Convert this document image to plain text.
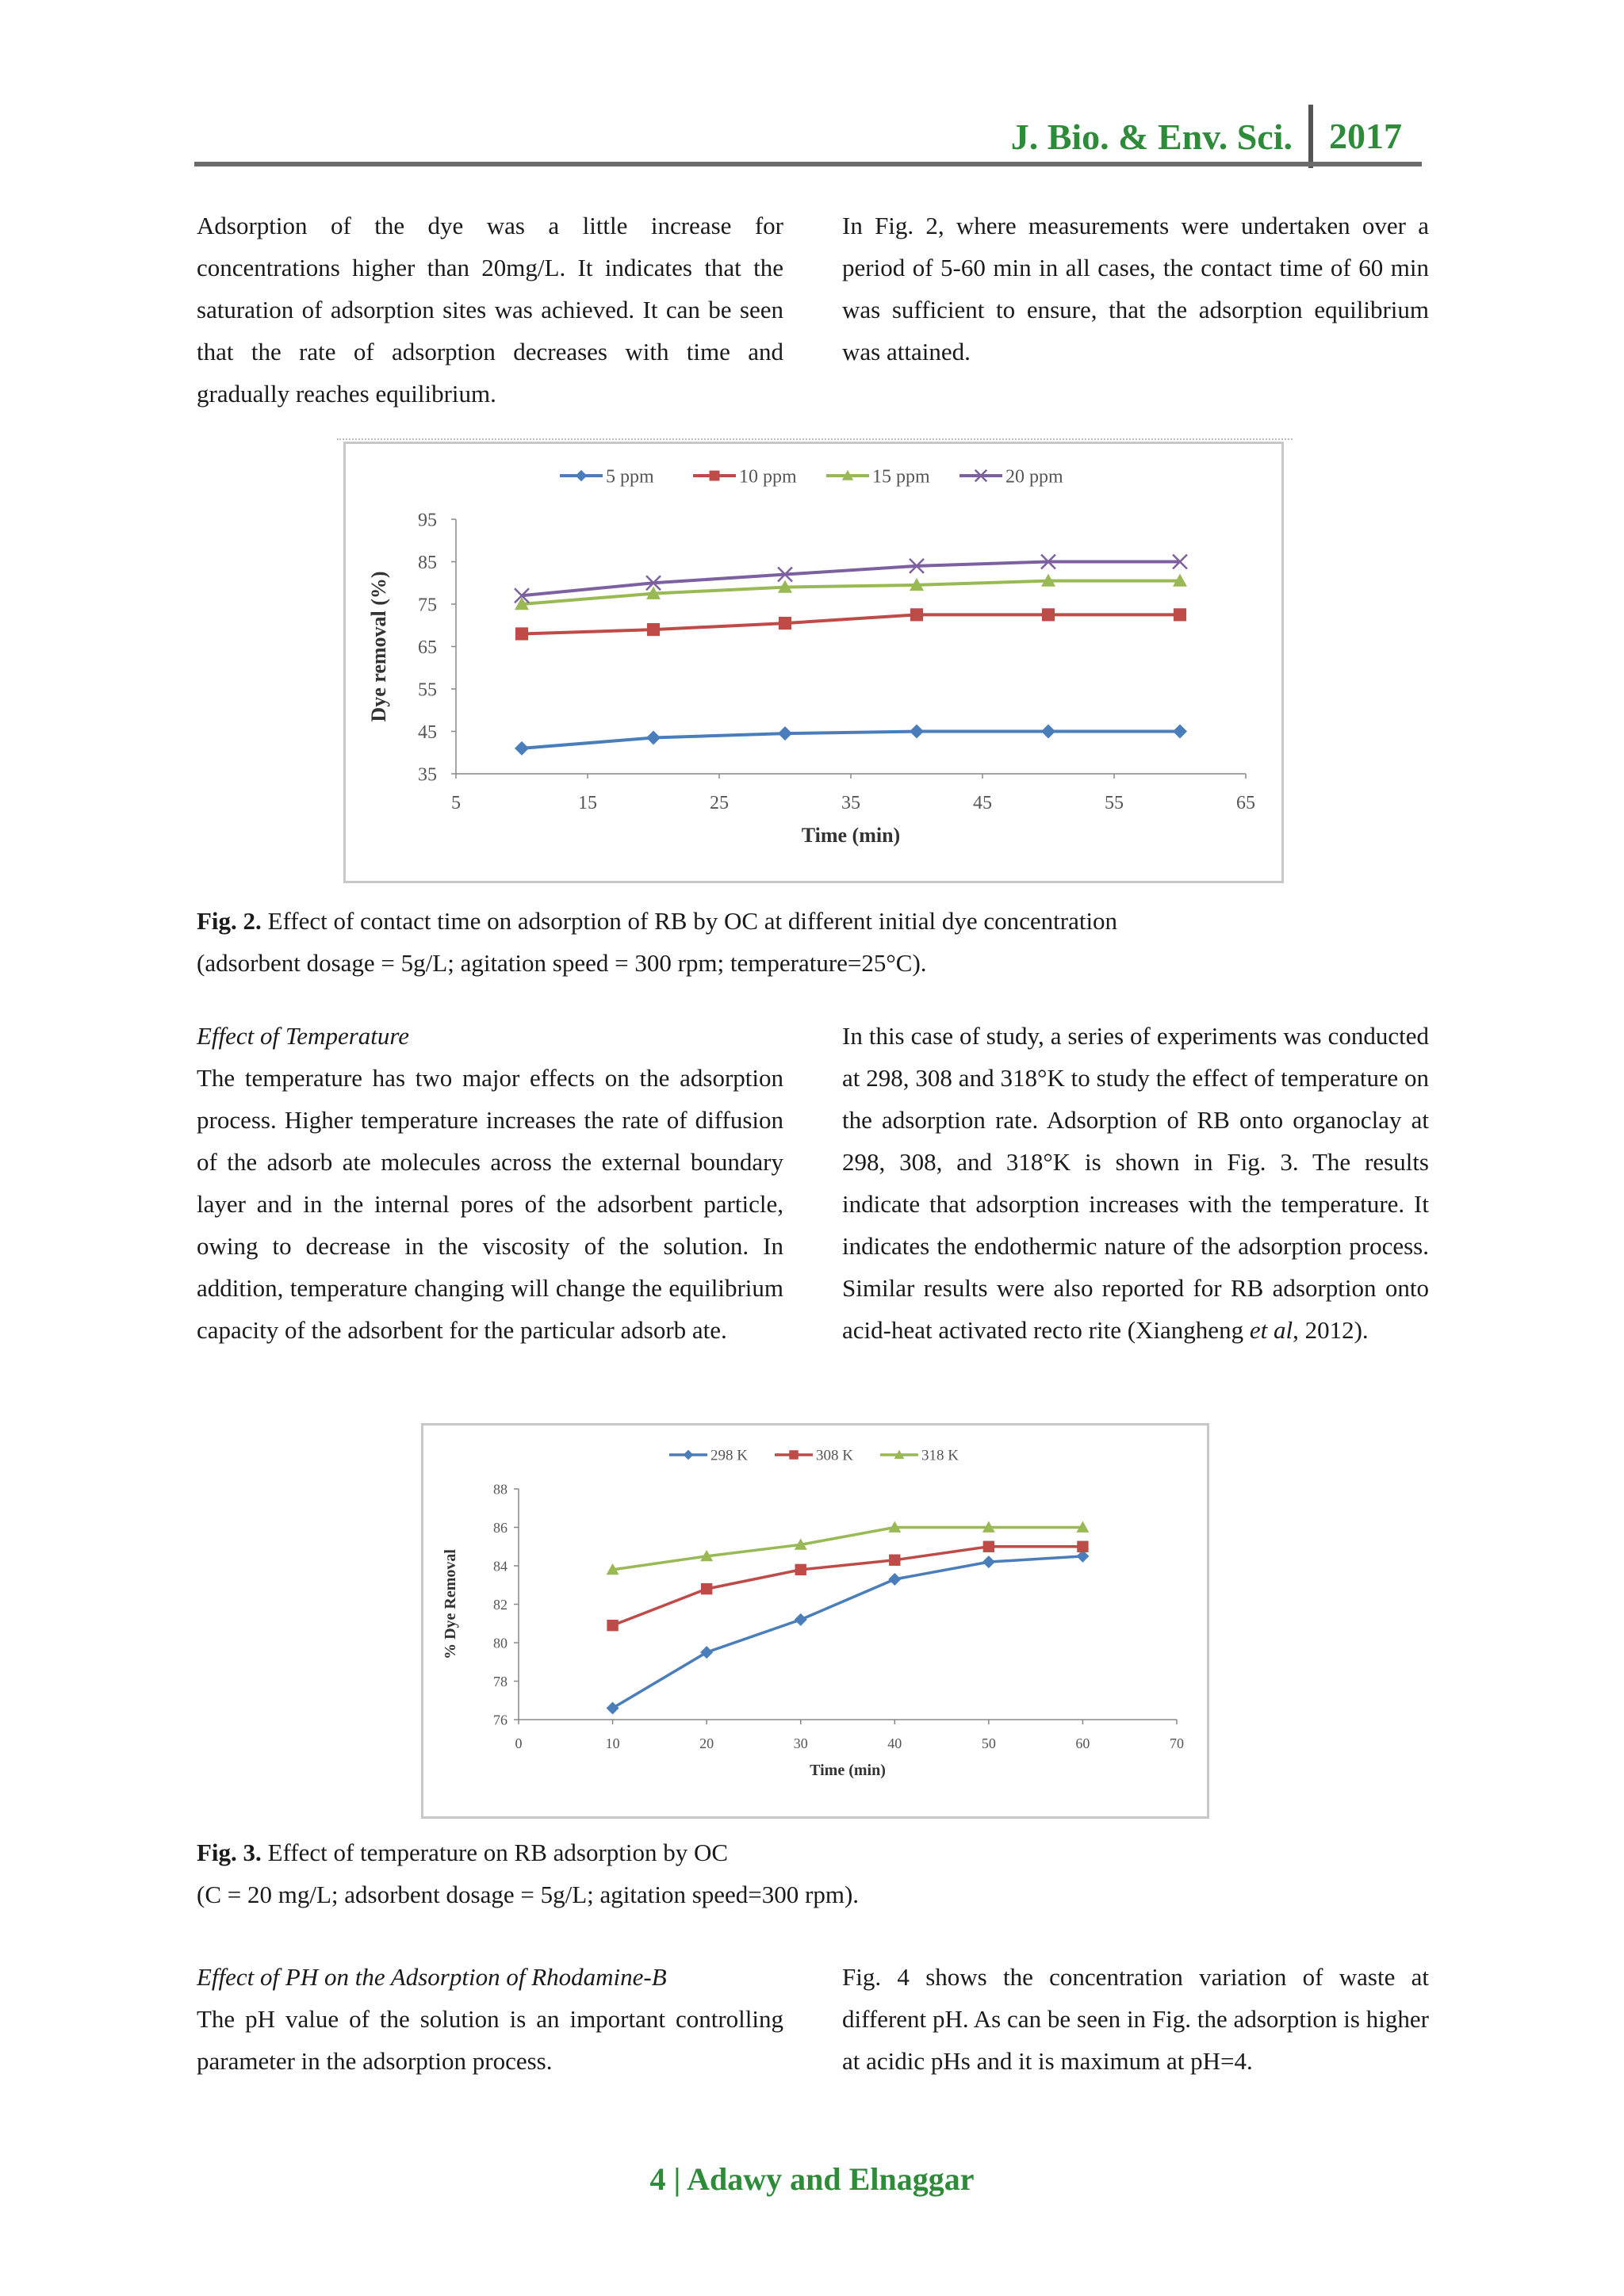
J. Bio. & Env. Sci.	2017

Adsorption of the dye was a little increase for concentrations higher than 20mg/L. It indicates that the saturation of adsorption sites was achieved. It can be seen that the rate of adsorption decreases with time and gradually reaches equilibrium.

In Fig. 2, where measurements were undertaken over a period of 5-60 min in all cases, the contact time of 60 min was sufficient to ensure, that the adsorption equilibrium was attained.

35
45
55
65
75
85
95
5	15	25	35	45	55	65
Time (min)
Dye removal (%)
5 ppm	10 ppm	15 ppm	20 ppm
Fig. 2. Effect of contact time on adsorption of RB by OC at different initial dye concentration
(adsorbent dosage = 5g/L; agitation speed = 300 rpm; temperature=25°C).

Effect of Temperature

The temperature has two major effects on the adsorption process. Higher temperature increases the rate of diffusion of the adsorb ate molecules across the external boundary layer and in the internal pores of the adsorbent particle, owing to decrease in the viscosity of the solution. In addition, temperature changing will change the equilibrium capacity of the adsorbent for the particular adsorb ate.

In this case of study, a series of experiments was conducted at 298, 308 and 318°K to study the effect of temperature on the adsorption rate. Adsorption of RB onto organoclay at 298, 308, and 318°K is shown in Fig. 3. The results indicate that adsorption increases with the temperature. It indicates the endothermic nature of the adsorption process. Similar results were also reported for RB adsorption onto acid-heat activated recto rite (Xiangheng et al, 2012).

76
78
80
82
84
86
88
0	10	20	30	40	50	60	70
Time (min)
% Dye Removal
298 K	308 K	318 K
Fig. 3. Effect of temperature on RB adsorption by OC
(C = 20 mg/L; adsorbent dosage = 5g/L; agitation speed=300 rpm).

Effect of PH on the Adsorption of Rhodamine-B

The pH value of the solution is an important controlling parameter in the adsorption process.

Fig. 4 shows the concentration variation of waste at different pH. As can be seen in Fig. the adsorption is higher at acidic pHs and it is maximum at pH=4.

4 | Adawy and Elnaggar
